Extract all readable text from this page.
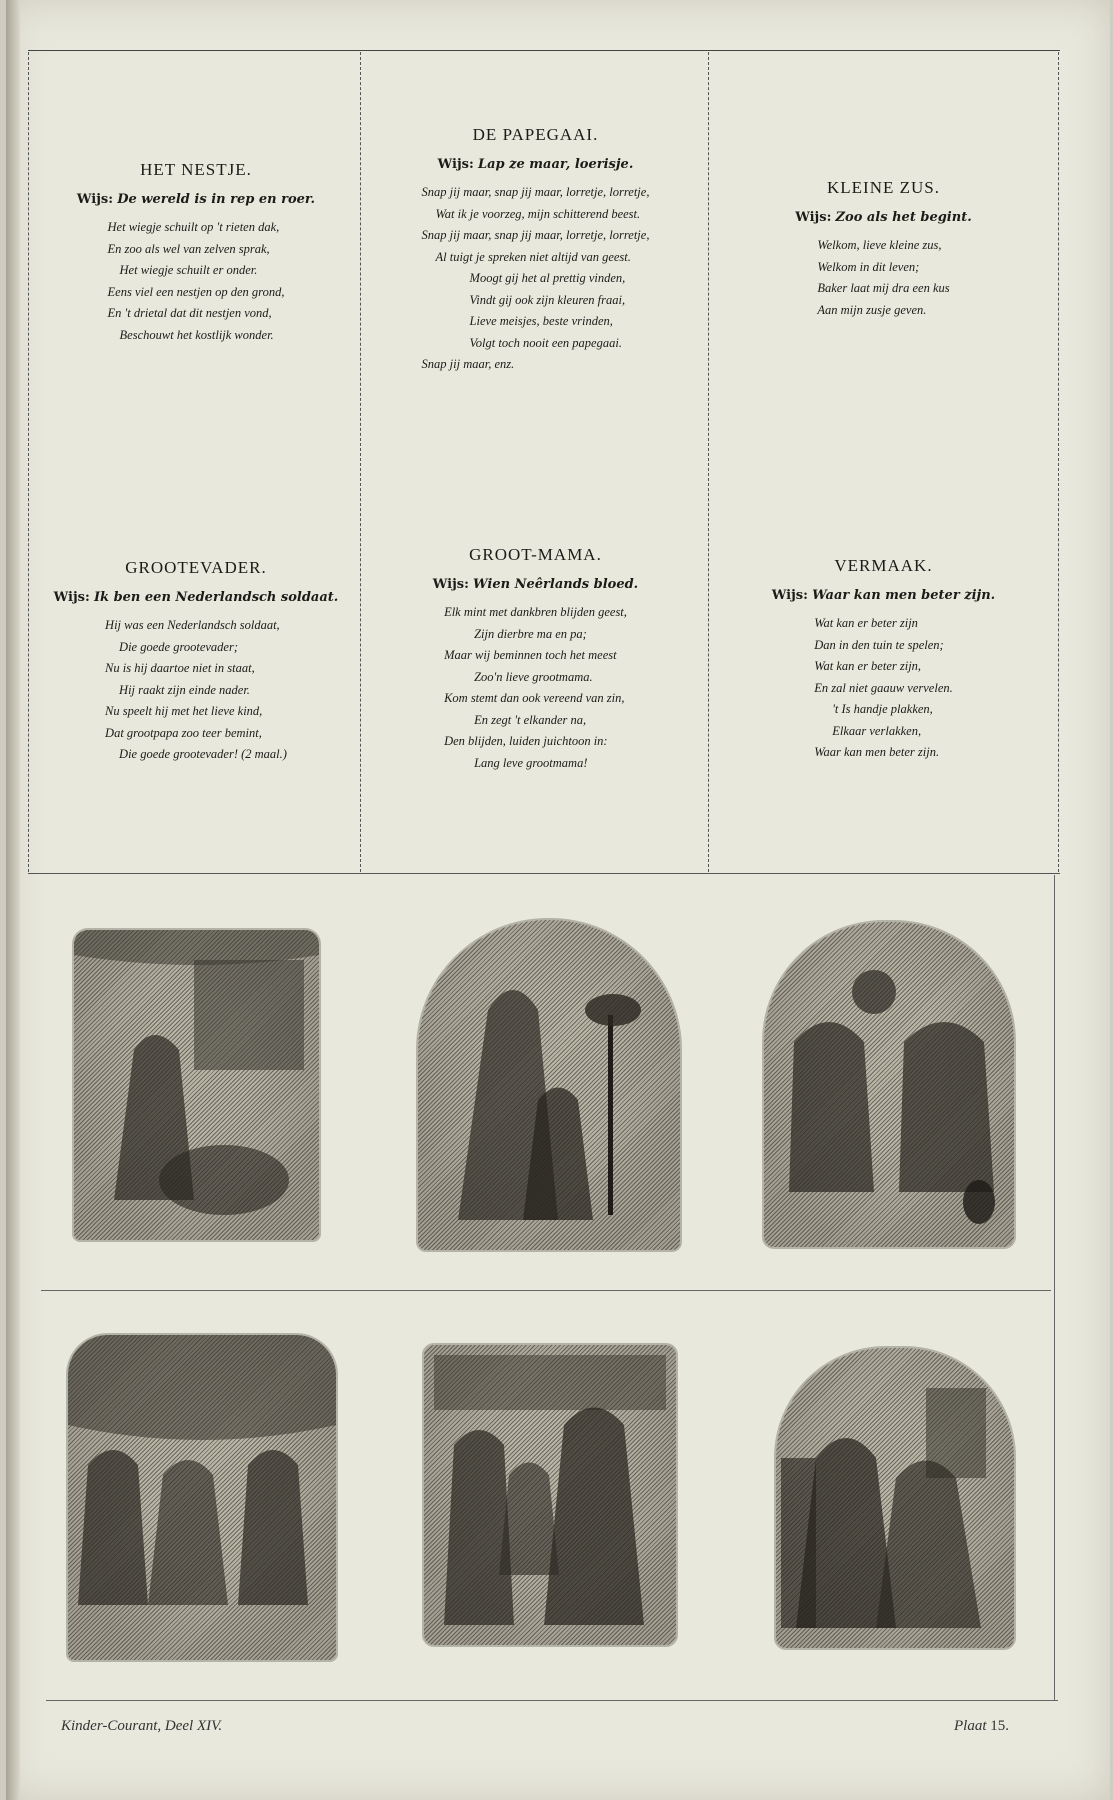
HET NESTJE.
Wijs: De wereld is in rep en roer.
Het wiegje schuilt op 't rieten dak,
En zoo als wel van zelven sprak,
Het wiegje schuilt er onder.
Eens viel een nestjen op den grond,
En 't drietal dat dit nestjen vond,
Beschouwt het kostlijk wonder.
DE PAPEGAAI.
Wijs: Lap ze maar, loerisje.
Snap jij maar, snap jij maar, lorretje, lorretje,
Wat ik je voorzeg, mijn schitterend beest.
Snap jij maar, snap jij maar, lorretje, lorretje,
Al tuigt je spreken niet altijd van geest.
Moogt gij het al prettig vinden,
Vindt gij ook zijn kleuren fraai,
Lieve meisjes, beste vrinden,
Volgt toch nooit een papegaai.
Snap jij maar, enz.
KLEINE ZUS.
Wijs: Zoo als het begint.
Welkom, lieve kleine zus,
Welkom in dit leven;
Baker laat mij dra een kus
Aan mijn zusje geven.
GROOTEVADER.
Wijs: Ik ben een Nederlandsch soldaat.
Hij was een Nederlandsch soldaat,
Die goede grootevader;
Nu is hij daartoe niet in staat,
Hij raakt zijn einde nader.
Nu speelt hij met het lieve kind,
Dat grootpapa zoo teer bemint,
Die goede grootevader! (2 maal.)
GROOT-MAMA.
Wijs: Wien Neêrlands bloed.
Elk mint met dankbren blijden geest,
Zijn dierbre ma en pa;
Maar wij beminnen toch het meest
Zoo'n lieve grootmama.
Kom stemt dan ook vereend van zin,
En zegt 't elkander na,
Den blijden, luiden juichtoon in:
Lang leve grootmama!
VERMAAK.
Wijs: Waar kan men beter zijn.
Wat kan er beter zijn
Dan in den tuin te spelen;
Wat kan er beter zijn,
En zal niet gaauw vervelen.
't Is handje plakken,
Elkaar verlakken,
Waar kan men beter zijn.
Kinder-Courant, Deel XIV.	Plaat 15.
